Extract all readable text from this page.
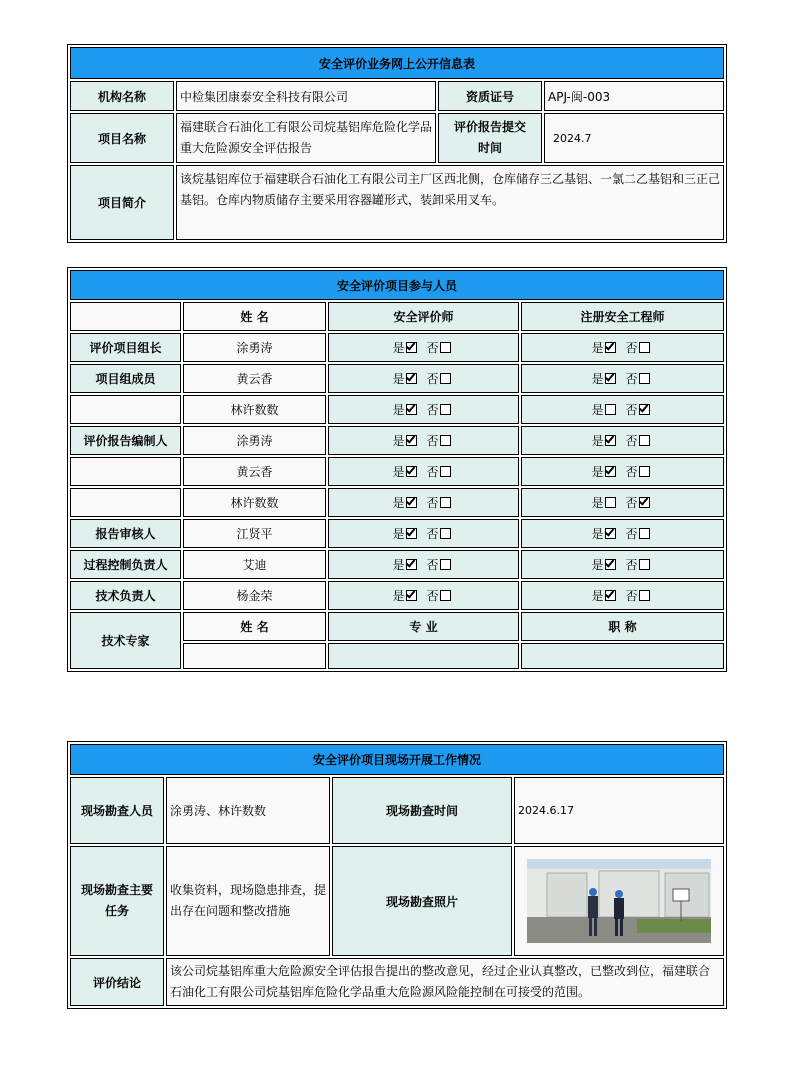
安全评价业务网上公开信息表			
机构名称	中检集团康泰安全科技有限公司	资质证号	APJ-闽-003
项目名称	福建联合石油化工有限公司烷基铝库危险化学品重大危险源安全评估报告	评价报告提交时间	2024.7
项目简介	该烷基铝库位于福建联合石油化工有限公司主厂区西北侧，仓库储存三乙基铝、一氯二乙基铝和三正己基铝。仓库内物质储存主要采用容器罐形式，装卸采用叉车。		
安全评价项目参与人员			
	姓 名	安全评价师	注册安全工程师
评价项目组长	涂勇涛	是 否	是 否
项目组成员	黄云香	是 否	是 否
	林许数数	是 否	是 否
评价报告编制人	涂勇涛	是 否	是 否
	黄云香	是 否	是 否
	林许数数	是 否	是 否
报告审核人	江贤平	是 否	是 否
过程控制负责人	艾迪	是 否	是 否
技术负责人	杨金荣	是 否	是 否
技术专家	姓 名	专 业	职 称

安全评价项目现场开展工作情况			
现场勘查人员	涂勇涛、林许数数	现场勘查时间	2024.6.17
现场勘查主要任务	收集资料，现场隐患排查，提出存在问题和整改措施	现场勘查照片	

评价结论	该公司烷基铝库重大危险源安全评估报告提出的整改意见，经过企业认真整改，已整改到位，福建联合石油化工有限公司烷基铝库危险化学品重大危险源风险能控制在可接受的范围。		
